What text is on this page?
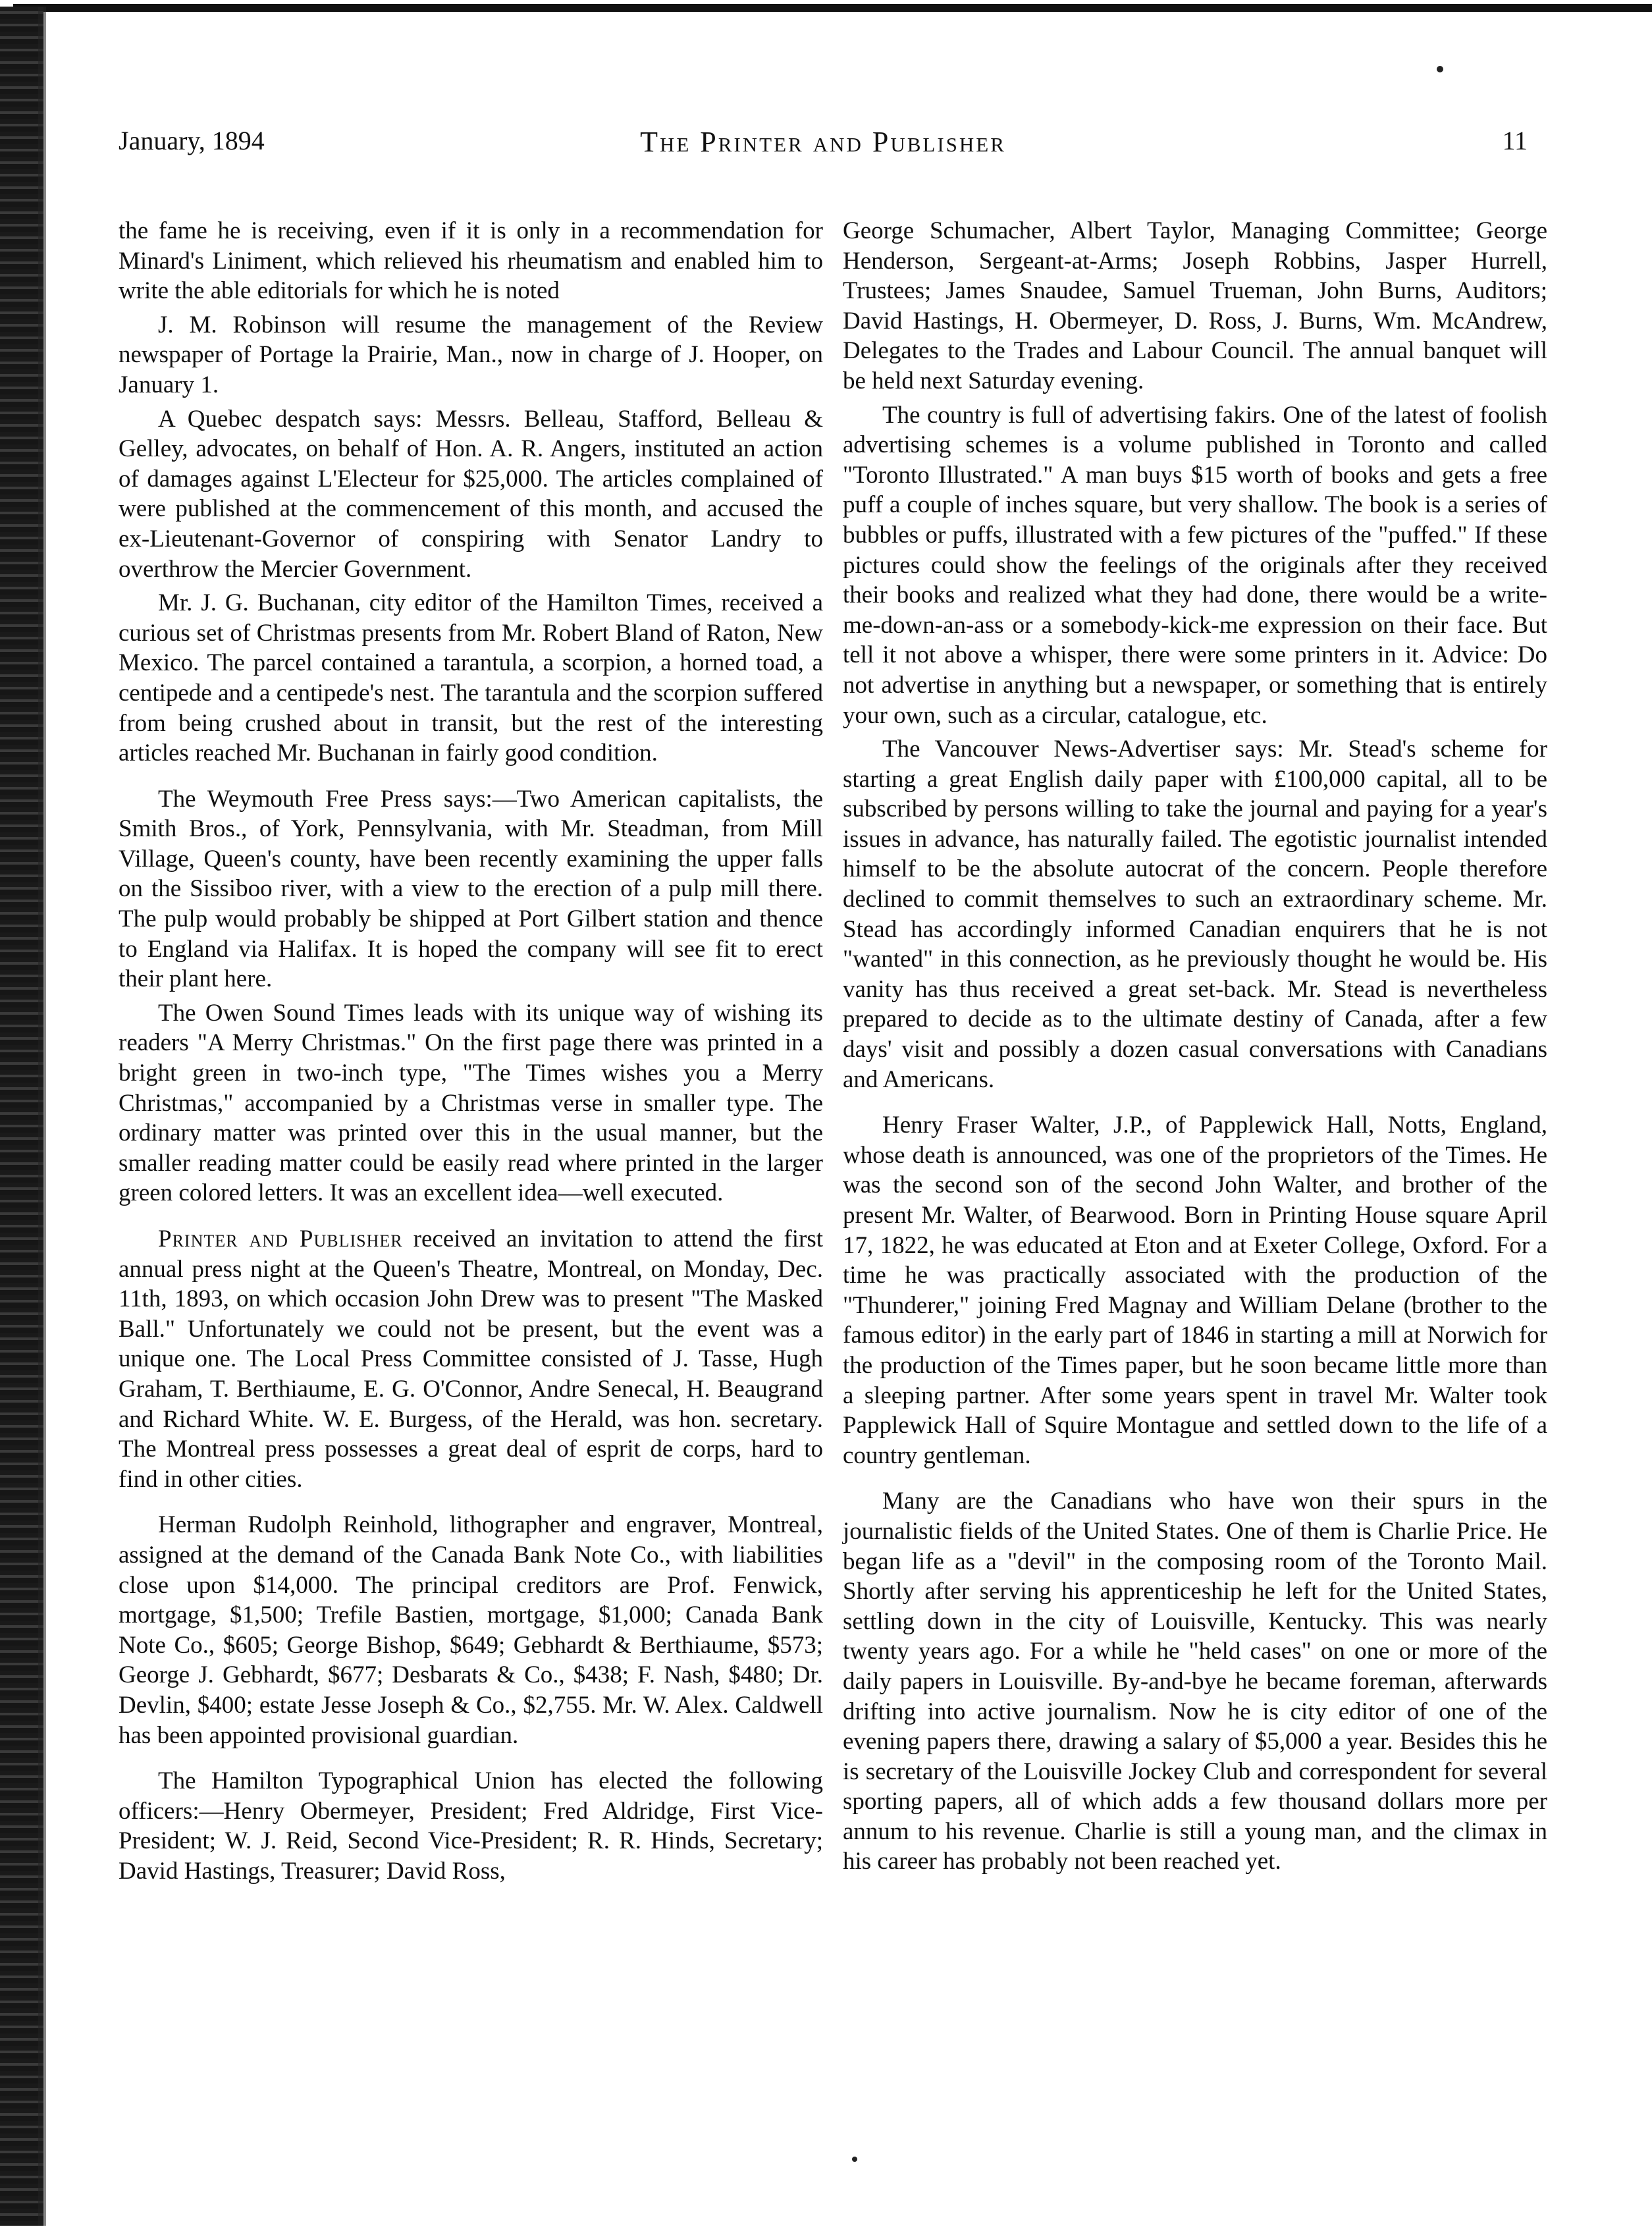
January, 1894	The Printer and Publisher	11

the fame he is receiving, even if it is only in a recommendation for Minard's Liniment, which relieved his rheumatism and enabled him to write the able editorials for which he is noted

J. M. Robinson will resume the management of the Review newspaper of Portage la Prairie, Man., now in charge of J. Hooper, on January 1.

A Quebec despatch says: Messrs. Belleau, Stafford, Belleau & Gelley, advocates, on behalf of Hon. A. R. Angers, instituted an action of damages against L'Electeur for $25,000. The articles complained of were published at the commencement of this month, and accused the ex-Lieutenant-Governor of conspiring with Senator Landry to overthrow the Mercier Government.

Mr. J. G. Buchanan, city editor of the Hamilton Times, received a curious set of Christmas presents from Mr. Robert Bland of Raton, New Mexico. The parcel contained a tarantula, a scorpion, a horned toad, a centipede and a centipede's nest. The tarantula and the scorpion suffered from being crushed about in transit, but the rest of the interesting articles reached Mr. Buchanan in fairly good condition.

The Weymouth Free Press says:—Two American capitalists, the Smith Bros., of York, Pennsylvania, with Mr. Steadman, from Mill Village, Queen's county, have been recently examining the upper falls on the Sissiboo river, with a view to the erection of a pulp mill there. The pulp would probably be shipped at Port Gilbert station and thence to England via Halifax. It is hoped the company will see fit to erect their plant here.

The Owen Sound Times leads with its unique way of wishing its readers "A Merry Christmas." On the first page there was printed in a bright green in two-inch type, "The Times wishes you a Merry Christmas," accompanied by a Christmas verse in smaller type. The ordinary matter was printed over this in the usual manner, but the smaller reading matter could be easily read where printed in the larger green colored letters. It was an excellent idea—well executed.

Printer and Publisher received an invitation to attend the first annual press night at the Queen's Theatre, Montreal, on Monday, Dec. 11th, 1893, on which occasion John Drew was to present "The Masked Ball." Unfortunately we could not be present, but the event was a unique one. The Local Press Committee consisted of J. Tasse, Hugh Graham, T. Berthiaume, E. G. O'Connor, Andre Senecal, H. Beaugrand and Richard White. W. E. Burgess, of the Herald, was hon. secretary. The Montreal press possesses a great deal of esprit de corps, hard to find in other cities.

Herman Rudolph Reinhold, lithographer and engraver, Montreal, assigned at the demand of the Canada Bank Note Co., with liabilities close upon $14,000. The principal creditors are Prof. Fenwick, mortgage, $1,500; Trefile Bastien, mortgage, $1,000; Canada Bank Note Co., $605; George Bishop, $649; Gebhardt & Berthiaume, $573; George J. Gebhardt, $677; Desbarats & Co., $438; F. Nash, $480; Dr. Devlin, $400; estate Jesse Joseph & Co., $2,755. Mr. W. Alex. Caldwell has been appointed provisional guardian.

The Hamilton Typographical Union has elected the following officers:—Henry Obermeyer, President; Fred Aldridge, First Vice-President; W. J. Reid, Second Vice-President; R. R. Hinds, Secretary; David Hastings, Treasurer; David Ross,

George Schumacher, Albert Taylor, Managing Committee; George Henderson, Sergeant-at-Arms; Joseph Robbins, Jasper Hurrell, Trustees; James Snaudee, Samuel Trueman, John Burns, Auditors; David Hastings, H. Obermeyer, D. Ross, J. Burns, Wm. McAndrew, Delegates to the Trades and Labour Council. The annual banquet will be held next Saturday evening.

The country is full of advertising fakirs. One of the latest of foolish advertising schemes is a volume published in Toronto and called "Toronto Illustrated." A man buys $15 worth of books and gets a free puff a couple of inches square, but very shallow. The book is a series of bubbles or puffs, illustrated with a few pictures of the "puffed." If these pictures could show the feelings of the originals after they received their books and realized what they had done, there would be a write-me-down-an-ass or a somebody-kick-me expression on their face. But tell it not above a whisper, there were some printers in it. Advice: Do not advertise in anything but a newspaper, or something that is entirely your own, such as a circular, catalogue, etc.

The Vancouver News-Advertiser says: Mr. Stead's scheme for starting a great English daily paper with £100,000 capital, all to be subscribed by persons willing to take the journal and paying for a year's issues in advance, has naturally failed. The egotistic journalist intended himself to be the absolute autocrat of the concern. People therefore declined to commit themselves to such an extraordinary scheme. Mr. Stead has accordingly informed Canadian enquirers that he is not "wanted" in this connection, as he previously thought he would be. His vanity has thus received a great set-back. Mr. Stead is nevertheless prepared to decide as to the ultimate destiny of Canada, after a few days' visit and possibly a dozen casual conversations with Canadians and Americans.

Henry Fraser Walter, J.P., of Papplewick Hall, Notts, England, whose death is announced, was one of the proprietors of the Times. He was the second son of the second John Walter, and brother of the present Mr. Walter, of Bearwood. Born in Printing House square April 17, 1822, he was educated at Eton and at Exeter College, Oxford. For a time he was practically associated with the production of the "Thunderer," joining Fred Magnay and William Delane (brother to the famous editor) in the early part of 1846 in starting a mill at Norwich for the production of the Times paper, but he soon became little more than a sleeping partner. After some years spent in travel Mr. Walter took Papplewick Hall of Squire Montague and settled down to the life of a country gentleman.

Many are the Canadians who have won their spurs in the journalistic fields of the United States. One of them is Charlie Price. He began life as a "devil" in the composing room of the Toronto Mail. Shortly after serving his apprenticeship he left for the United States, settling down in the city of Louisville, Kentucky. This was nearly twenty years ago. For a while he "held cases" on one or more of the daily papers in Louisville. By-and-bye he became foreman, afterwards drifting into active journalism. Now he is city editor of one of the evening papers there, drawing a salary of $5,000 a year. Besides this he is secretary of the Louisville Jockey Club and correspondent for several sporting papers, all of which adds a few thousand dollars more per annum to his revenue. Charlie is still a young man, and the climax in his career has probably not been reached yet.
